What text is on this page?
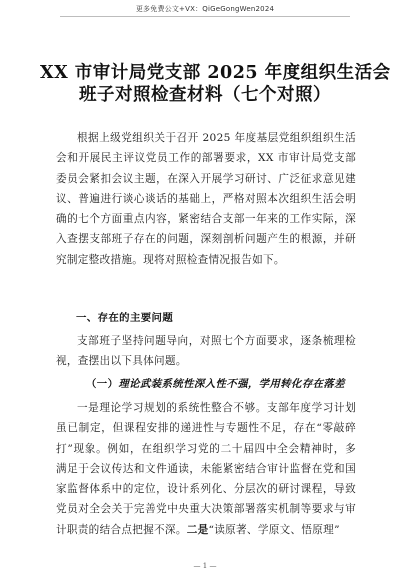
更多免费公文+VX：QiGeGongWen2024
XX 市审计局党支部 2025 年度组织生活会
班子对照检查材料（七个对照）
根据上级党组织关于召开 2025 年度基层党组织组织生活
会和开展民主评议党员工作的部署要求，XX 市审计局党支部
委员会紧扣会议主题，在深入开展学习研讨、广泛征求意见建
议、普遍进行谈心谈话的基础上，严格对照本次组织生活会明
确的七个方面重点内容，紧密结合支部一年来的工作实际，深
入查摆支部班子存在的问题，深刻剖析问题产生的根源，并研
究制定整改措施。现将对照检查情况报告如下。
一、存在的主要问题
支部班子坚持问题导向，对照七个方面要求，逐条梳理检
视，查摆出以下具体问题。
（一）理论武装系统性深入性不强，学用转化存在落差
一是理论学习规划的系统性整合不够。支部年度学习计划
虽已制定，但课程安排的递进性与专题性不足，存在“零敲碎
打”现象。例如，在组织学习党的二十届四中全会精神时，多
满足于会议传达和文件通读，未能紧密结合审计监督在党和国
家监督体系中的定位，设计系列化、分层次的研讨课程，导致
党员对全会关于完善党中央重大决策部署落实机制等要求与审
计职责的结合点把握不深。二是“读原著、学原文、悟原理”
— 1 —
